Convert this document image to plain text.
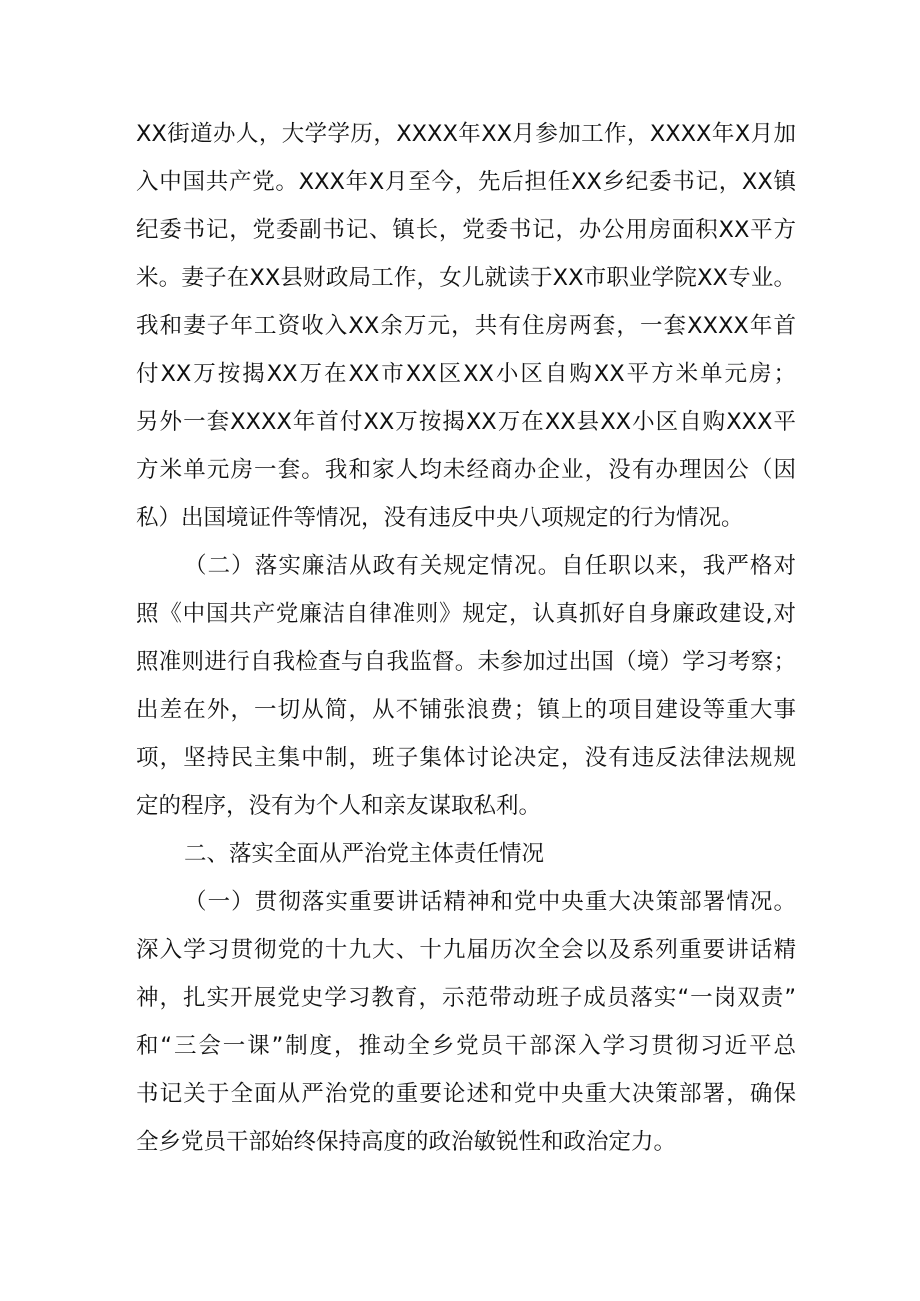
XX街道办人，大学学历，XXXX年XX月参加工作，XXXX年X月加
入中国共产党。XXX年X月至今，先后担任XX乡纪委书记，XX镇
纪委书记，党委副书记、镇长，党委书记，办公用房面积XX平方
米。妻子在XX县财政局工作，女儿就读于XX市职业学院XX专业。
我和妻子年工资收入XX余万元，共有住房两套，一套XXXX年首
付XX万按揭XX万在XX市XX区XX小区自购XX平方米单元房；
另外一套XXXX年首付XX万按揭XX万在XX县XX小区自购XXX平
方米单元房一套。我和家人均未经商办企业，没有办理因公（因
私）出国境证件等情况，没有违反中央八项规定的行为情况。
（二）落实廉洁从政有关规定情况。自任职以来，我严格对
照《中国共产党廉洁自律准则》规定，认真抓好自身廉政建设,对
照准则进行自我检查与自我监督。未参加过出国（境）学习考察；
出差在外，一切从简，从不铺张浪费；镇上的项目建设等重大事
项，坚持民主集中制，班子集体讨论决定，没有违反法律法规规
定的程序，没有为个人和亲友谋取私利。
二、落实全面从严治党主体责任情况
（一）贯彻落实重要讲话精神和党中央重大决策部署情况。
深入学习贯彻党的十九大、十九届历次全会以及系列重要讲话精
神，扎实开展党史学习教育，示范带动班子成员落实“一岗双责”
和“三会一课”制度，推动全乡党员干部深入学习贯彻习近平总
书记关于全面从严治党的重要论述和党中央重大决策部署，确保
全乡党员干部始终保持高度的政治敏锐性和政治定力。
